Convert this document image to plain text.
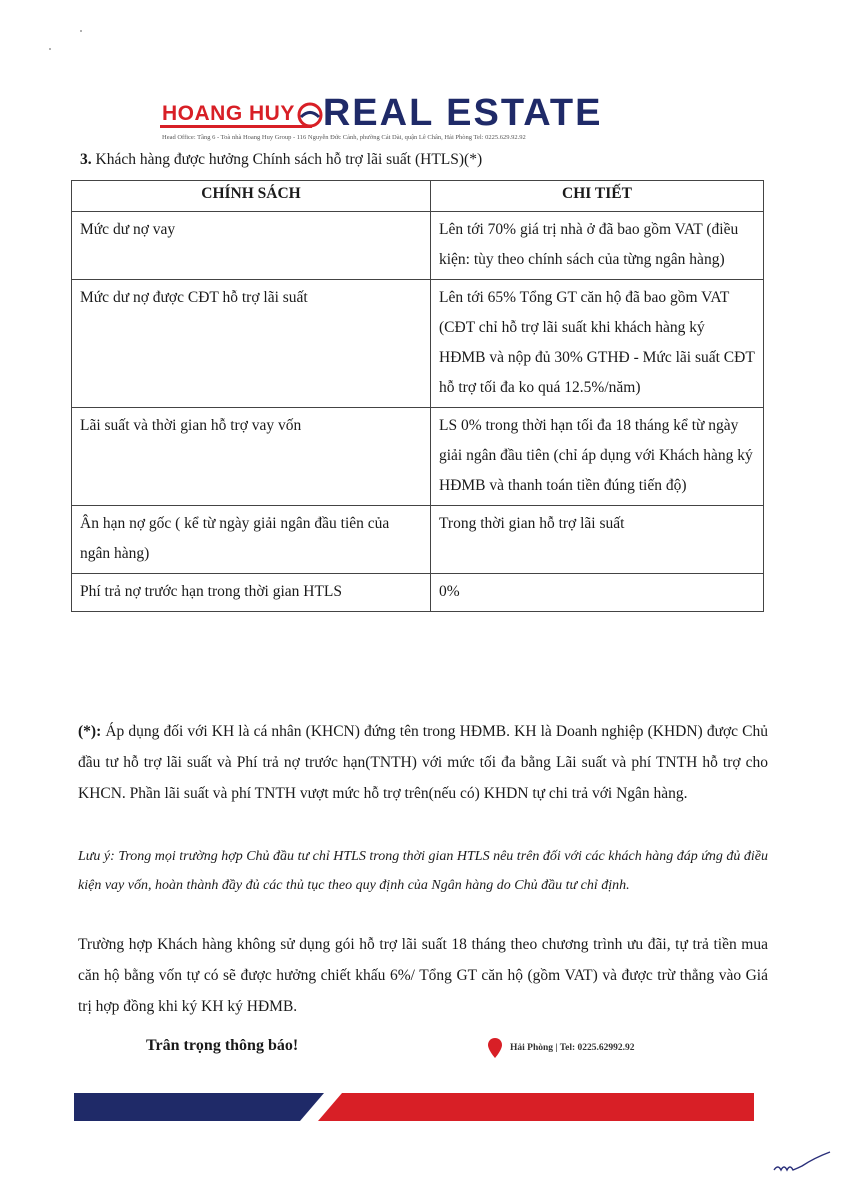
HOANG HUY REAL ESTATE
Head Office: Tầng 6 - Toà nhà Hoang Huy Group - 116 Nguyễn Đức Cảnh, phường Cát Dài, quận Lê Chân, Hải Phòng Tel: 0225.629.92.92
3. Khách hàng được hưởng Chính sách hỗ trợ lãi suất (HTLS)(*)
CHÍNH SÁCH	CHI TIẾT
Mức dư nợ vay	Lên tới 70% giá trị nhà ở đã bao gồm VAT (điều kiện: tùy theo chính sách của từng ngân hàng)
Mức dư nợ được CĐT hỗ trợ lãi suất	Lên tới 65% Tổng GT căn hộ đã bao gồm VAT (CĐT chỉ hỗ trợ lãi suất khi khách hàng ký HĐMB và nộp đủ 30% GTHĐ - Mức lãi suất CĐT hỗ trợ tối đa ko quá 12.5%/năm)
Lãi suất và thời gian hỗ trợ vay vốn	LS 0% trong thời hạn tối đa 18 tháng kể từ ngày giải ngân đầu tiên (chỉ áp dụng với Khách hàng ký HĐMB và thanh toán tiền đúng tiến độ)
Ân hạn nợ gốc ( kể từ ngày giải ngân đầu tiên của ngân hàng)	Trong thời gian hỗ trợ lãi suất
Phí trả nợ trước hạn trong thời gian HTLS	0%
(*): Áp dụng đối với KH là cá nhân (KHCN) đứng tên trong HĐMB. KH là Doanh nghiệp (KHDN) được Chủ đầu tư hỗ trợ lãi suất và Phí trả nợ trước hạn(TNTH) với mức tối đa bằng Lãi suất và phí TNTH hỗ trợ cho KHCN. Phần lãi suất và phí TNTH vượt mức hỗ trợ trên(nếu có) KHDN tự chi trả với Ngân hàng.
Lưu ý: Trong mọi trường hợp Chủ đầu tư chỉ HTLS trong thời gian HTLS nêu trên đối với các khách hàng đáp ứng đủ điều kiện vay vốn, hoàn thành đầy đủ các thủ tục theo quy định của Ngân hàng do Chủ đầu tư chỉ định.
Trường hợp Khách hàng không sử dụng gói hỗ trợ lãi suất 18 tháng theo chương trình ưu đãi, tự trả tiền mua căn hộ bằng vốn tự có sẽ được hưởng chiết khấu 6%/ Tổng GT căn hộ (gồm VAT) và được trừ thẳng vào Giá trị hợp đồng khi ký KH ký HĐMB.
Trân trọng thông báo!	Hải Phòng | Tel: 0225.62992.92
